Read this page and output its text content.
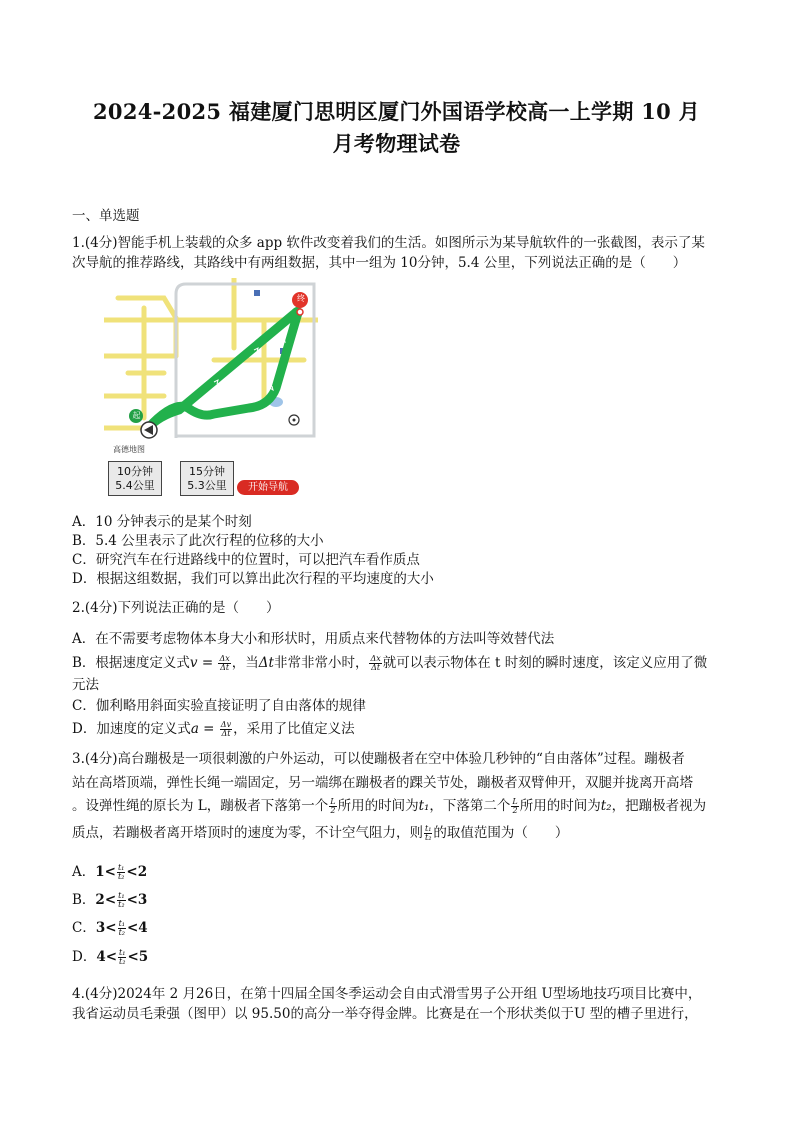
2024-2025 福建厦门思明区厦门外国语学校高一上学期 10 月
月考物理试卷
一、单选题
1.(4分)智能手机上装载的众多 app 软件改变着我们的生活。如图所示为某导航软件的一张截图，表示了某
次导航的推荐路线，其路线中有两组数据，其中一组为 10分钟，5.4 公里，下列说法正确的是（　　）
终
起
高德地图
10分钟
5.4公里
15分钟
5.3公里	开始导航
A．10 分钟表示的是某个时刻
B．5.4 公里表示了此次行程的位移的大小
C．研究汽车在行进路线中的位置时，可以把汽车看作质点
D．根据这组数据，我们可以算出此次行程的平均速度的大小
2.(4分)下列说法正确的是（　　）
A．在不需要考虑物体本身大小和形状时，用质点来代替物体的方法叫等效替代法
B．根据速度定义式$v = \frac{\Delta x}{\Delta t}$ ，当Δt非常非常小时， $\frac{\Delta x}{\Delta t}$ 就可以表示物体在 t 时刻的瞬时速度，该定义应用了微
元法
C．伽利略用斜面实验直接证明了自由落体的规律
D．加速度的定义式$a = \frac{\Delta v}{\Delta t}$ ，采用了比值定义法
3.(4分)高台蹦极是一项很刺激的户外运动，可以使蹦极者在空中体验几秒钟的“自由落体”过程。蹦极者
站在高塔顶端，弹性长绳一端固定，另一端绑在蹦极者的踝关节处，蹦极者双臂伸开，双腿并拢离开高塔
。设弹性绳的原长为 L，蹦极者下落第一个 $\frac{L}{2}$ 所用的时间为t₁，下落第二个 $\frac{L}{2}$ 所用的时间为t₂，把蹦极者视为
质点，若蹦极者离开塔顶时的速度为零，不计空气阻力，则 $\frac{\text{t₁}}{\text{t₂}}$ 的取值范围为（　　）
A．$1< \frac{\text{t₁}}{\text{t₂}} <2$
B．$2< \frac{\text{t₁}}{\text{t₂}} <3$
C．$3< \frac{\text{t₁}}{\text{t₂}} <4$
D．$4< \frac{\text{t₁}}{\text{t₂}} <5$
4.(4分)2024年 2 月26日，在第十四届全国冬季运动会自由式滑雪男子公开组 U型场地技巧项目比赛中，
我省运动员毛秉强（图甲）以 95.50的高分一举夺得金牌。比赛是在一个形状类似于U 型的槽子里进行，
